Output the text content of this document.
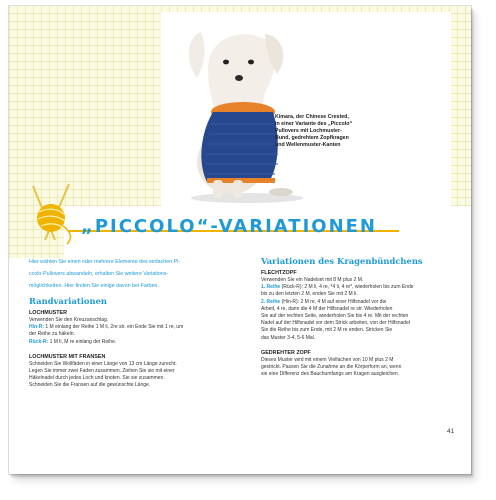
Kimara, der Chinese Crested,
in einer Variante des „Piccolo“
Pullovers mit Lochmuster-
Bund, gedrehtem Zopfkragen
und Wellenmuster-Kanten
„PICCOLO“-VARIATIONEN
Hier wählen Sie einen oder mehrere Elemente des einfachen Pi-
ccolo-Pullovers abwandeln, erhalten Sie weitere Variations-
möglichkeiten. Hier finden Sie einige davon bei Farben.
Randvariationen
LOCHMUSTER
Verwenden Sie den Kreuzanschlag.
Hin-R: 1 M einlang der Reihe 1 M li, 2re str. ein Ende Sie mit 1 re, um
der Reihe zu häkeln.
Rück-R: 1 M li, M re einlang der Reihe.
LOCHMUSTER MIT FRANSEN
Schneiden Sie Wollfäden in einer Länge von 13 cm Länge zurecht.
Legen Sie immer zwei Faden zusammen. Ziehen Sie sie mit einer
Häkelnadel durch jedes Loch und knoten. Sie sie zusammen.
Schneiden Sie die Fransen auf die gewünschte Länge.
Variationen des Kragenbündchens
FLECHTZOPF
Verwenden Sie ein Nadelset mit 8 M plus 2 M.
1. Reihe (Rück-R): 2 M li, 4 re, *4 li, 4 re*, wiederholen bis zum Ende
bis zu den letzten 2 M, enden Sie mit 2 M li.
2. Reihe (Hin-R): 2 M re, 4 M auf einer Hilfsnadel vor die
Arbeit, 4 re, dann die 4 M der Hilfsnadel re str. Wiederholen
Sie auf der rechten Seite, wiederholen Sie bis 4 re. Mit der rechten
Nadel auf der Hilfsnadel vor dem Strick arbeiten, von der Hilfsnadel
Sie die Reihe bis zum Ende, mit 2 M re enden. Stricken Sie
das Muster 3-4, 5-6 Mal.
GEDREHTER ZOPF
Dieses Muster wird mit einem Vielfachen von 10 M plus 2 M
gestrickt. Passen Sie die Zunahme an die Körperform an, wenn
sie eine Differenz des Bauchumfangs am Kragen ausgleichen.
41
